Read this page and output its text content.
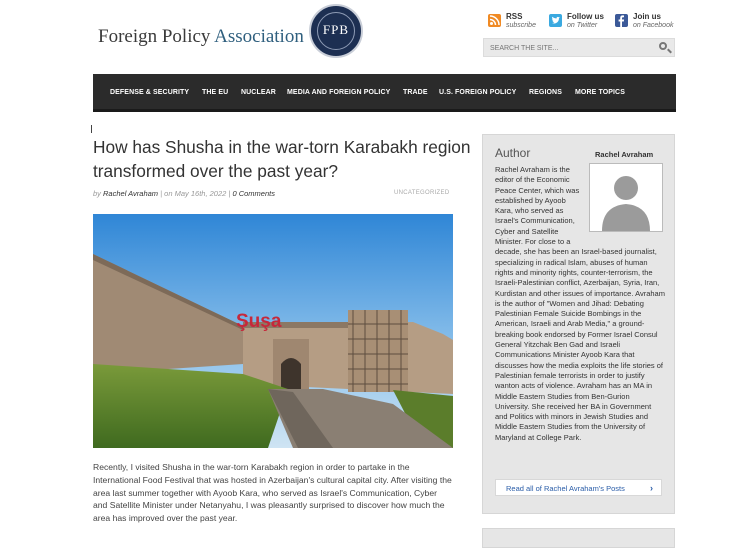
Foreign Policy Association	FPB
RSS
subscribe
Follow us
on Twitter
Join us
on Facebook
SEARCH THE SITE...
DEFENSE & SECURITY THE EU NUCLEAR MEDIA AND FOREIGN POLICY TRADE U.S. FOREIGN POLICY REGIONS MORE TOPICS
How has Shusha in the war-torn Karabakh region transformed over the past year?
by Rachel Avraham | on May 16th, 2022 | 0 Comments	UNCATEGORIZED
Şuşa
Recently, I visited Shusha in the war-torn Karabakh region in order to partake in the International Food Festival that was hosted in Azerbaijan's cultural capital city. After visiting the area last summer together with Ayoob Kara, who served as Israel's Communication, Cyber and Satellite Minister under Netanyahu, I was pleasantly surprised to discover how much the area has improved over the past year.
Author	Rachel Avraham
Rachel Avraham is the editor of the Economic Peace Center, which was established by Ayoob Kara, who served as Israel's Communication, Cyber and Satellite Minister. For close to a decade, she has been an Israel-based journalist, specializing in radical Islam, abuses of human rights and minority rights, counter-terrorism, the Israeli-Palestinian conflict, Azerbaijan, Syria, Iran, Kurdistan and other issues of importance. Avraham is the author of "Women and Jihad: Debating Palestinian Female Suicide Bombings in the American, Israeli and Arab Media," a ground-breaking book endorsed by Former Israel Consul General Yitzchak Ben Gad and Israeli Communications Minister Ayoob Kara that discusses how the media exploits the life stories of Palestinian female terrorists in order to justify wanton acts of violence. Avraham has an MA in Middle Eastern Studies from Ben-Gurion University. She received her BA in Government and Politics with minors in Jewish Studies and Middle Eastern Studies from the University of Maryland at College Park.
Read all of Rachel Avraham's Posts	›
